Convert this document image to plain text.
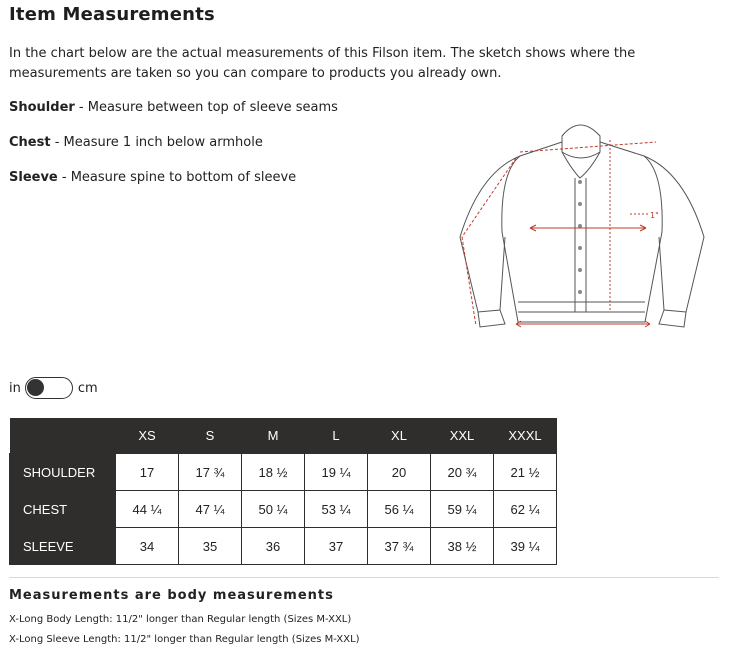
Item Measurements
In the chart below are the actual measurements of this Filson item. The sketch shows where the measurements are taken so you can compare to products you already own.
Shoulder - Measure between top of sleeve seams
Chest - Measure 1 inch below armhole
Sleeve - Measure spine to bottom of sleeve
1"
in	cm
	XS	S	M	L	XL	XXL	XXXL
SHOULDER	17	17 ¾	18 ½	19 ¼	20	20 ¾	21 ½
CHEST	44 ¼	47 ¼	50 ¼	53 ¼	56 ¼	59 ¼	62 ¼
SLEEVE	34	35	36	37	37 ¾	38 ½	39 ¼
Measurements are body measurements
X-Long Body Length: 11/2" longer than Regular length (Sizes M-XXL)
X-Long Sleeve Length: 11/2" longer than Regular length (Sizes M-XXL)
